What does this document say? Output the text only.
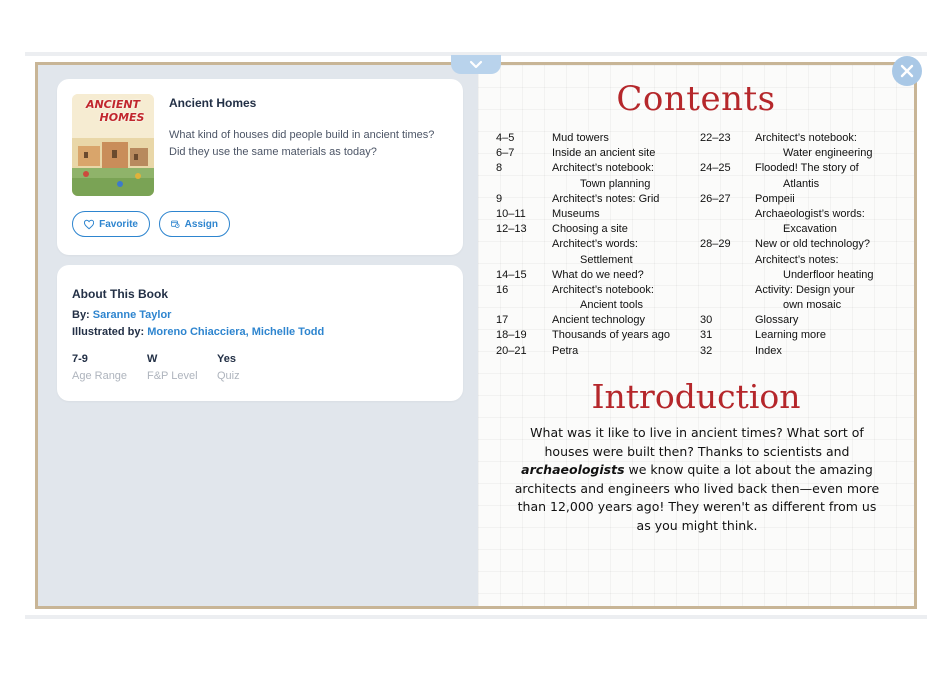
ANCIENT
HOMES
Ancient Homes
What kind of houses did people build in ancient times? Did they use the same materials as today?
Favorite	Assign
About This Book
By: Saranne Taylor
Illustrated by: Moreno Chiacciera, Michelle Todd
7-9
Age Range
W
F&P Level
Yes
Quiz
Contents
4–5	Mud towers
6–7	Inside an ancient site
8	Architect’s notebook:
Town planning
9	Architect’s notes: Grid
10–11 Museums
12–13 Choosing a site
Architect’s words:
Settlement
14–15 What do we need?
16	Architect’s notebook:
Ancient tools
17	Ancient technology
18–19 Thousands of years ago
20–21 Petra
22–23 Architect’s notebook:
Water engineering
24–25 Flooded! The story of
Atlantis
26–27 Pompeii
Archaeologist’s words:
Excavation
28–29 New or old technology?
Architect’s notes:
Underfloor heating
Activity: Design your
own mosaic
30	Glossary
31	Learning more
32	Index
Introduction
What was it like to live in ancient times? What sort of houses were built then? Thanks to scientists and archaeologists we know quite a lot about the amazing architects and engineers who lived back then—even more than 12,000 years ago! They weren't as different from us as you might think.
